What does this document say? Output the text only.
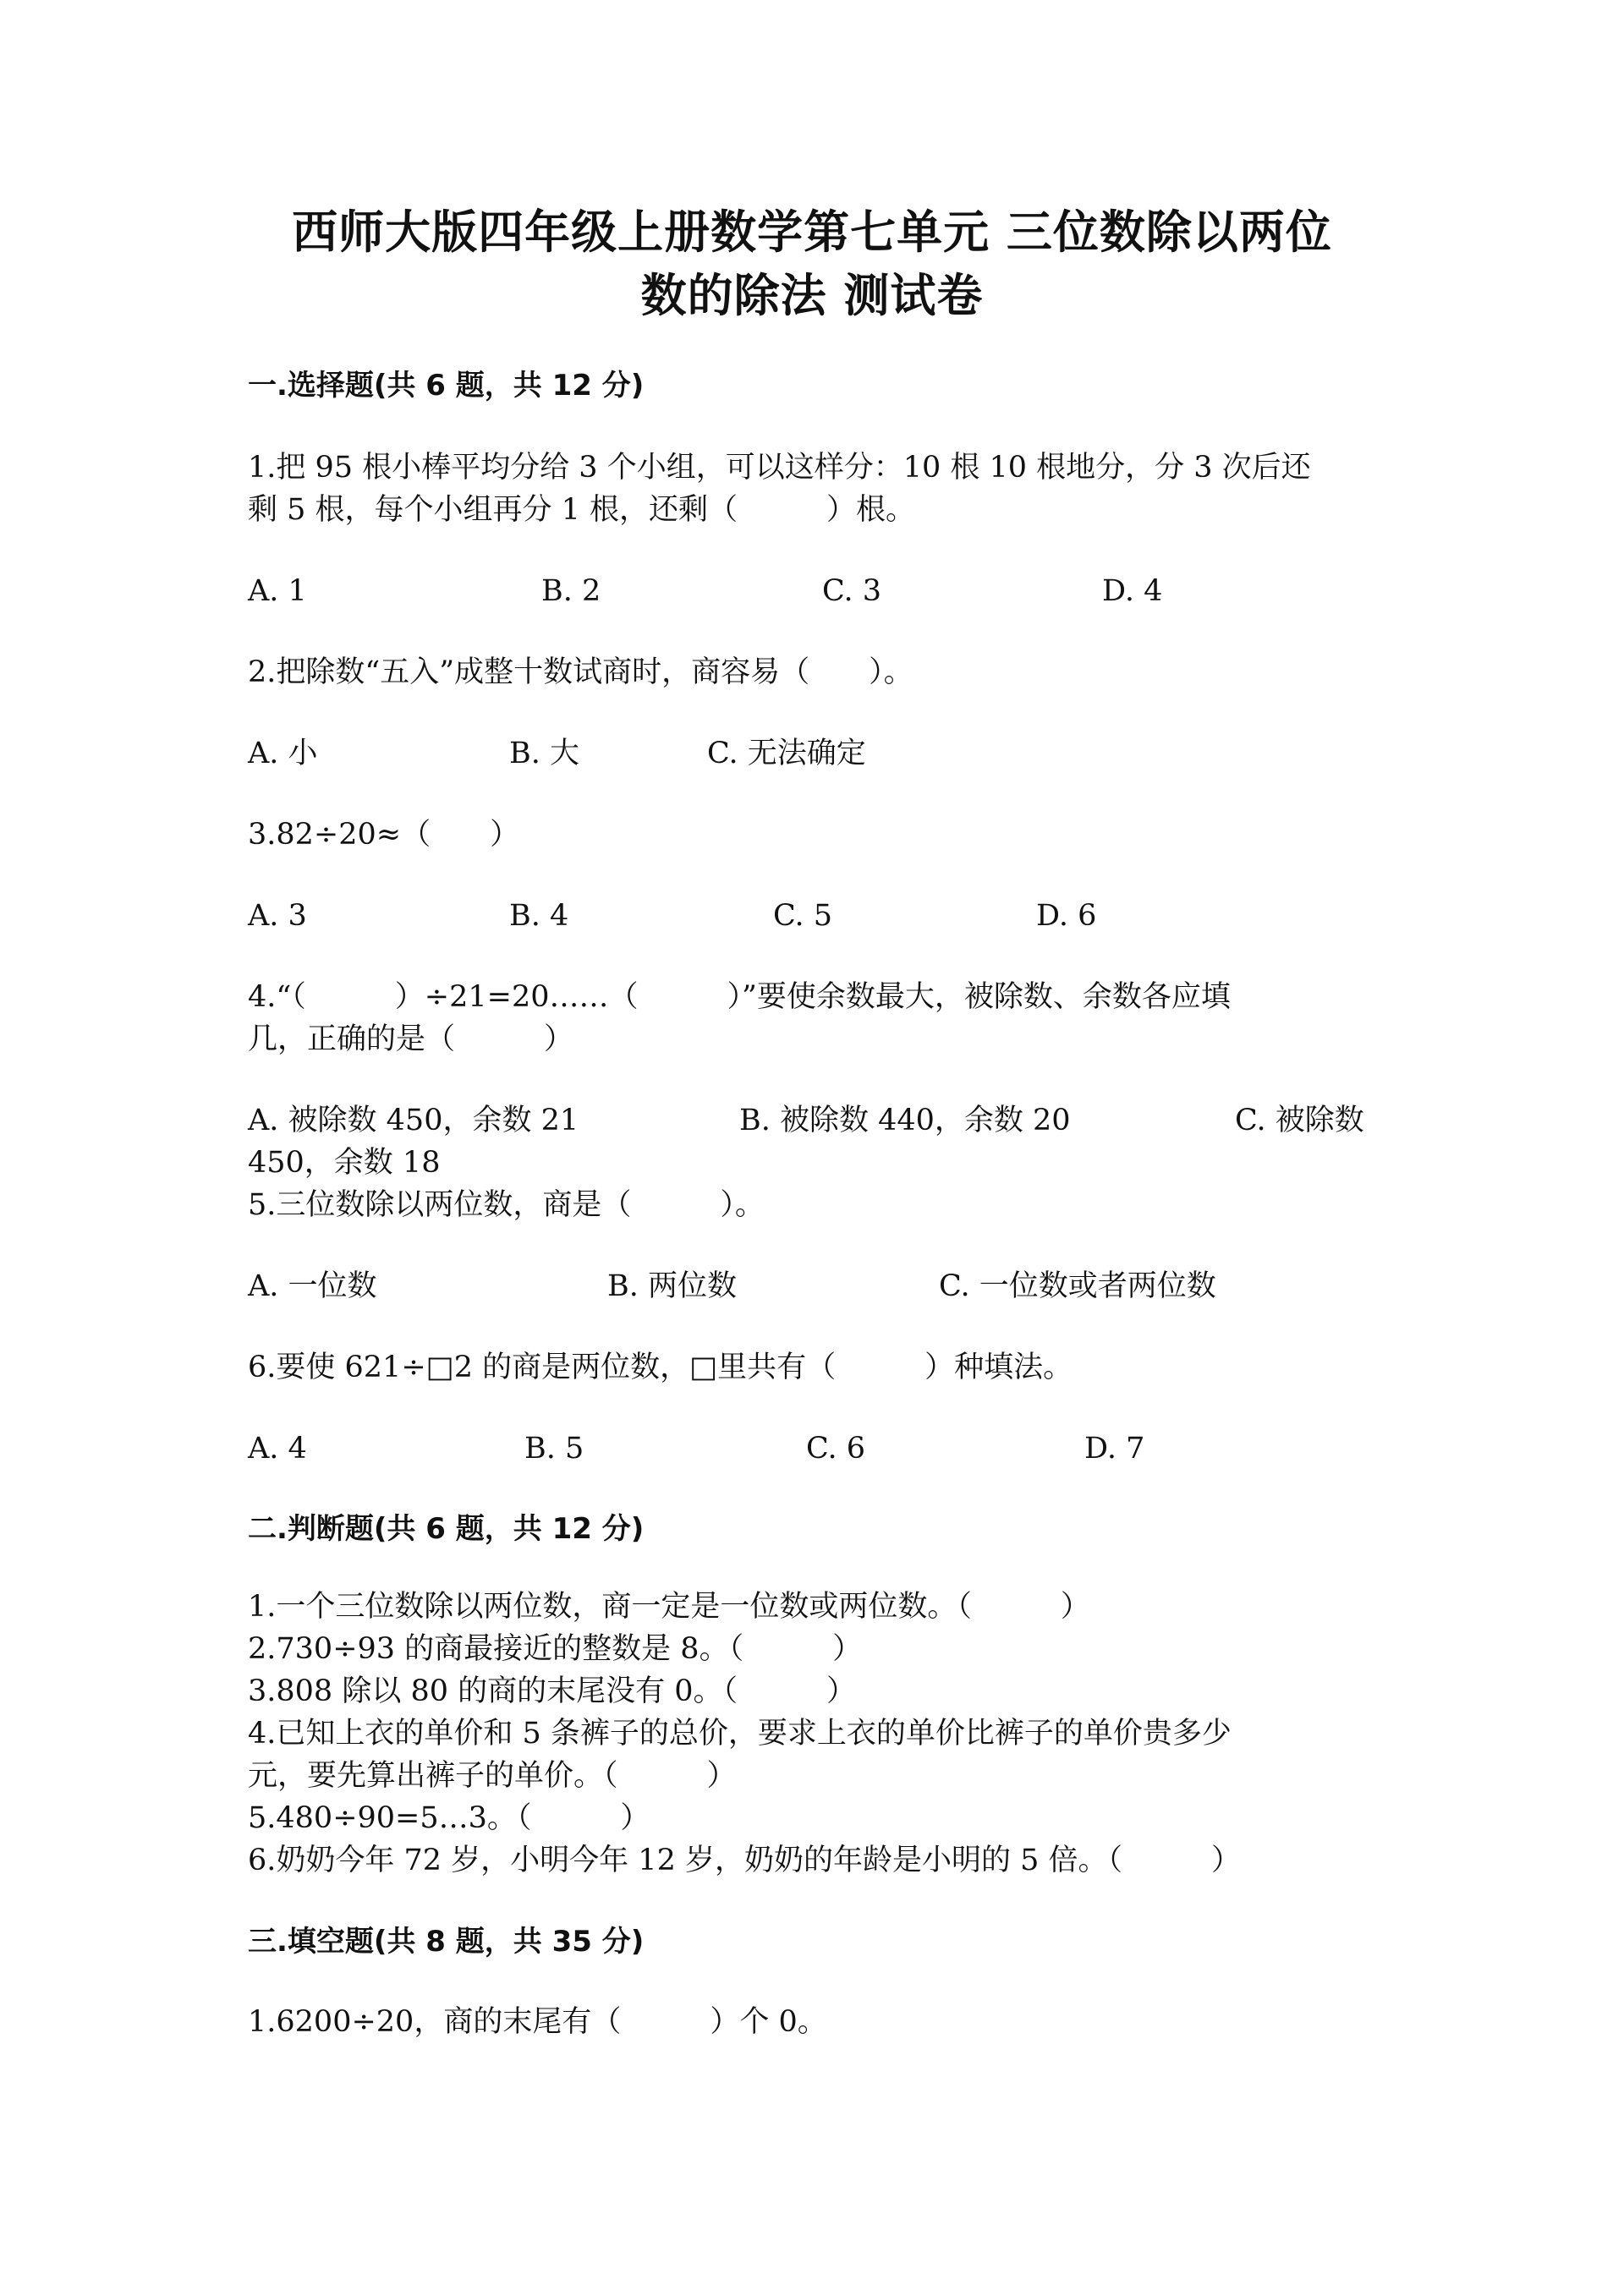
西师大版四年级上册数学第七单元 三位数除以两位
数的除法 测试卷
一.选择题(共 6 题，共 12 分)
1.把 95 根小棒平均分给 3 个小组，可以这样分：10 根 10 根地分，分 3 次后还
剩 5 根，每个小组再分 1 根，还剩（　　　）根。
A. 1	B. 2	C. 3	D. 4
2.把除数“五入”成整十数试商时，商容易（　　）。
A. 小	B. 大	C. 无法确定
3.82÷20≈（　　）
A. 3	B. 4	C. 5	D. 6
4.“（　　　）÷21=20……（　　　）”要使余数最大，被除数、余数各应填
几，正确的是（　　　）
A. 被除数 450，余数 21	B. 被除数 440，余数 20	C. 被除数
450，余数 18
5.三位数除以两位数，商是（　　　）。
A. 一位数	B. 两位数	C. 一位数或者两位数
6.要使 621÷□2 的商是两位数，□里共有（　　　）种填法。
A. 4	B. 5	C. 6	D. 7
二.判断题(共 6 题，共 12 分)
1.一个三位数除以两位数，商一定是一位数或两位数。（　　　）
2.730÷93 的商最接近的整数是 8。（　　　）
3.808 除以 80 的商的末尾没有 0。（　　　）
4.已知上衣的单价和 5 条裤子的总价，要求上衣的单价比裤子的单价贵多少
元，要先算出裤子的单价。（　　　）
5.480÷90=5…3。（　　　）
6.奶奶今年 72 岁，小明今年 12 岁，奶奶的年龄是小明的 5 倍。（　　　）
三.填空题(共 8 题，共 35 分)
1.6200÷20，商的末尾有（　　　）个 0。
